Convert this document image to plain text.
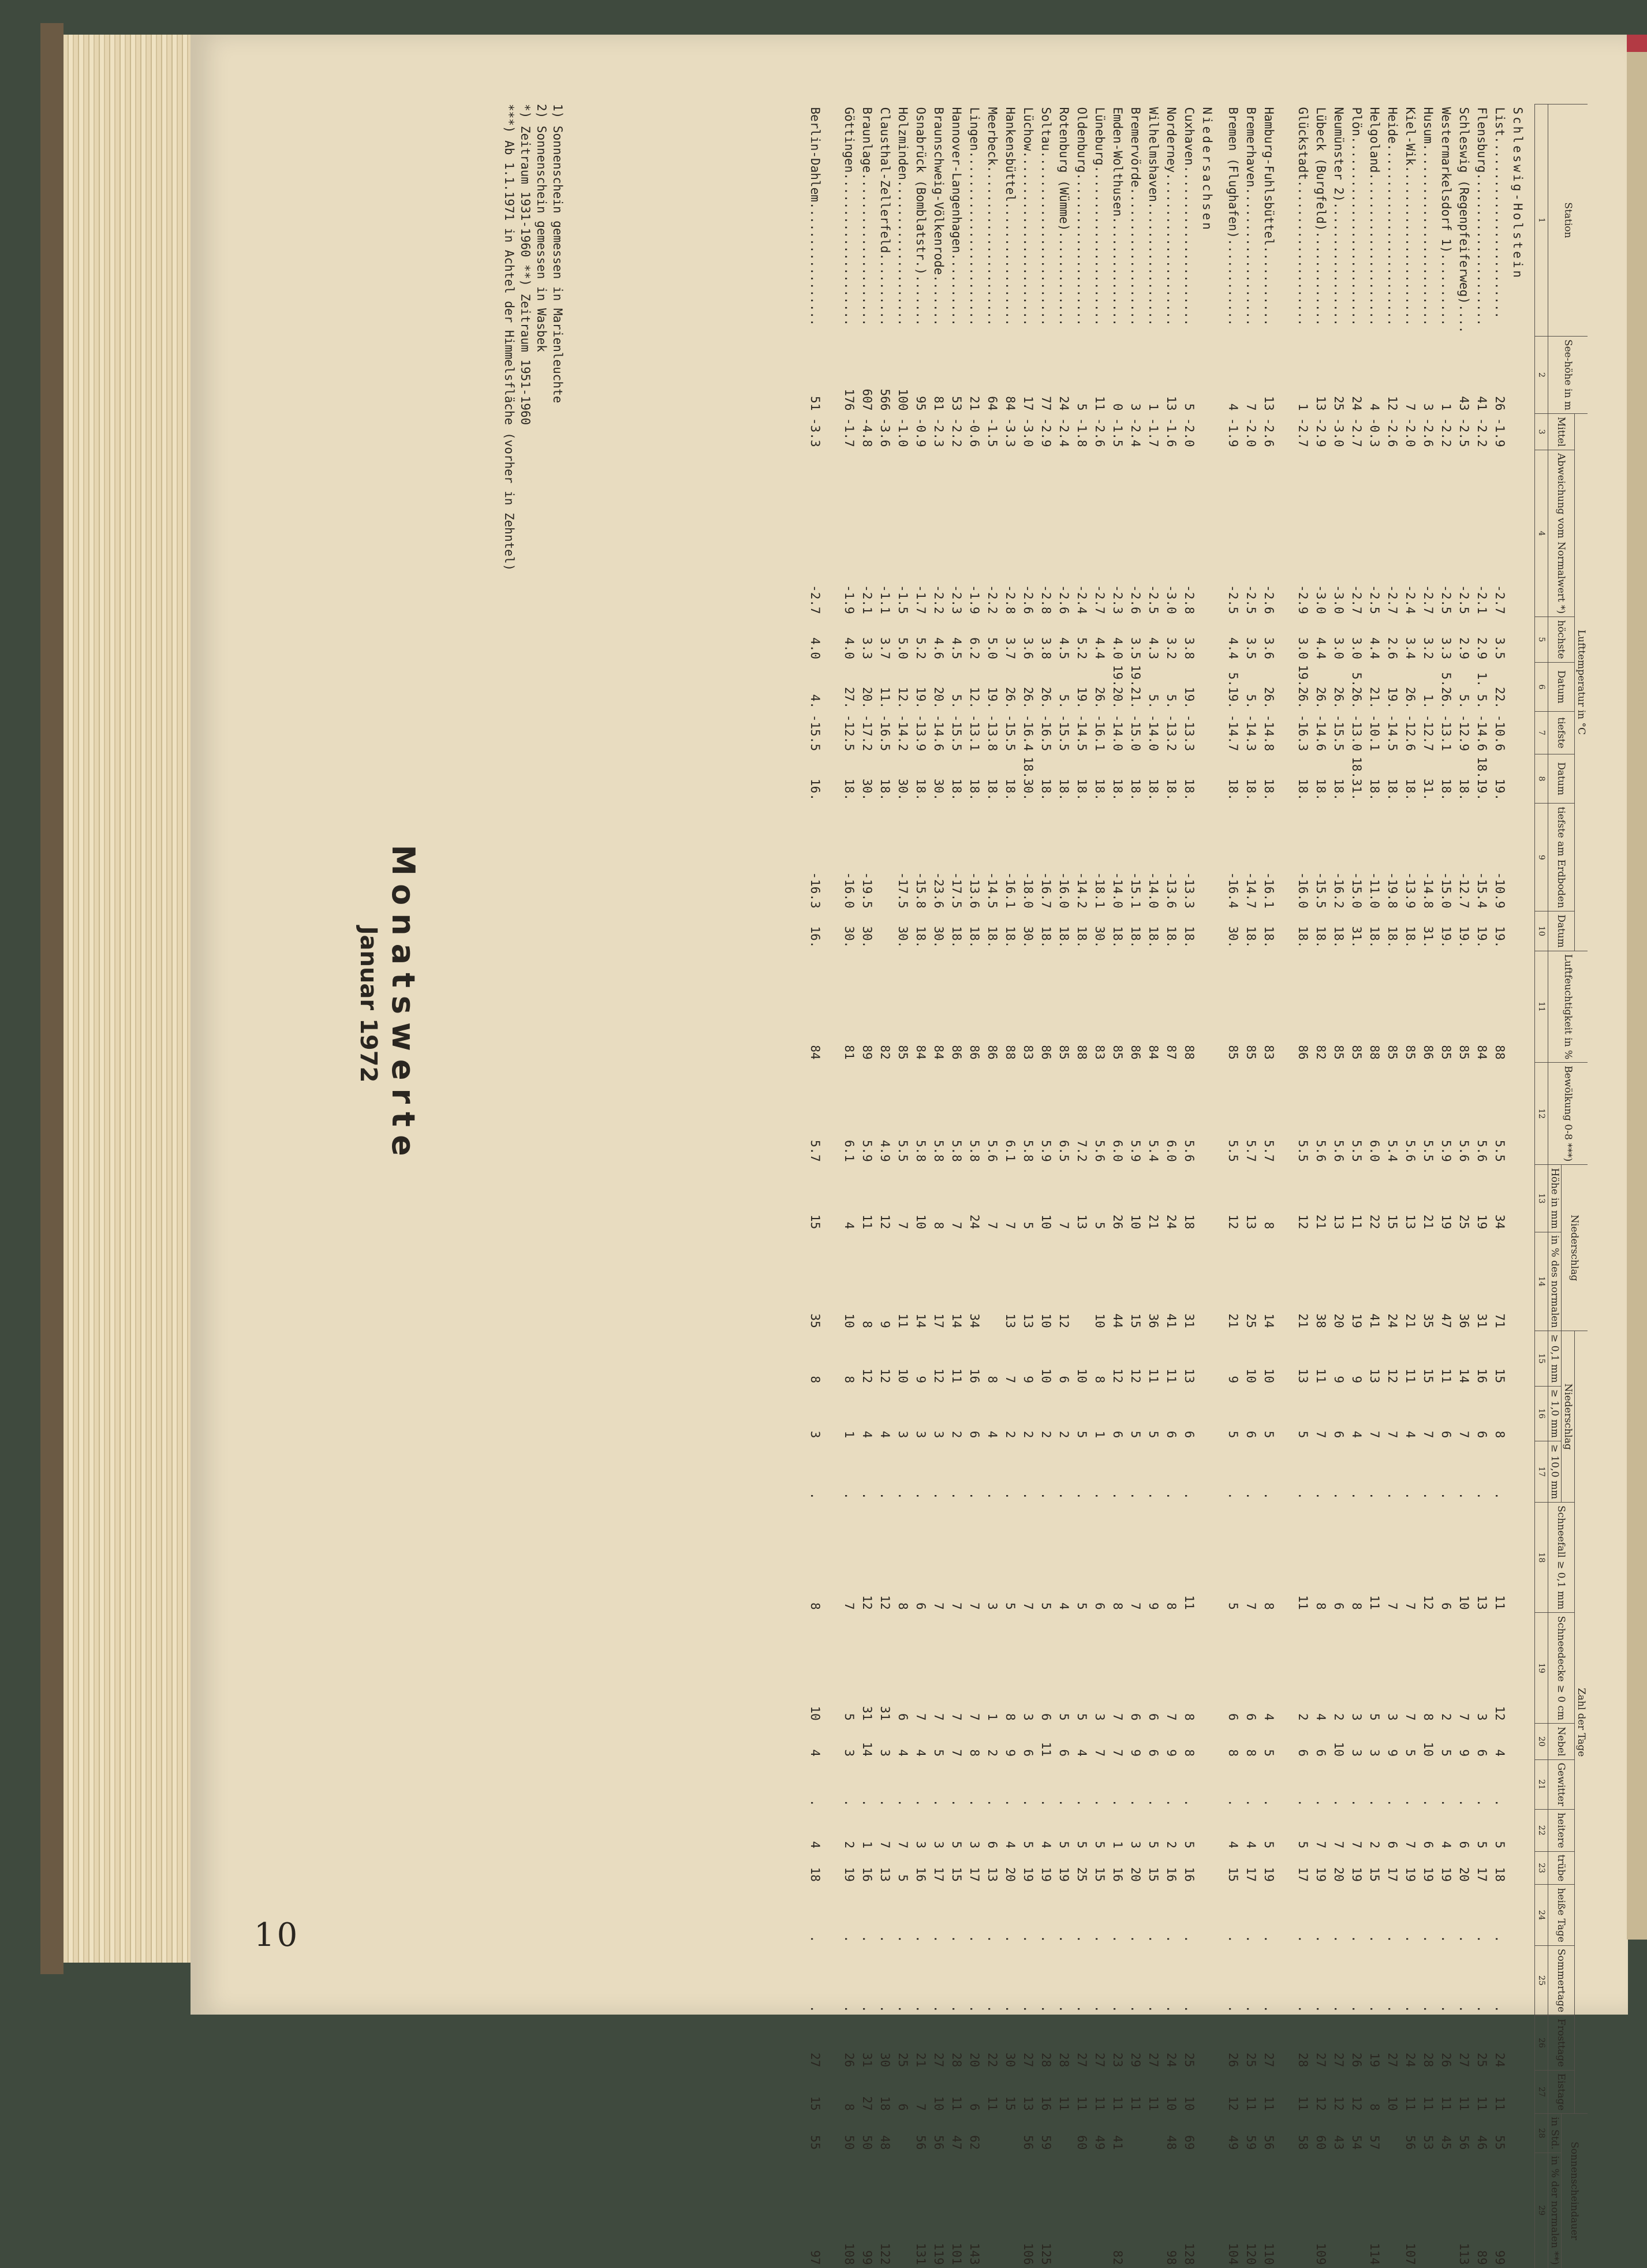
Monatswerte
Januar 1972
Station	See-höhe in m	Lufttemperatur in °C								Luftfeuchtigkeit in %	Bewölkung 0-8 ***)	Niederschlag		Zahl der Tage													Sonnenscheindauer	
		Mittel	Abweichung vom Normalwert *)	höchste	Datum	tiefste	Datum	tiefste am Erdboden	Datum					Niederschlag			Schneefall ≥ 0,1 mm	Schneedecke ≥ 0 cm	Nebel	Gewitter	heitere	trübe	heiße Tage	Sommertage	Frosttage	Eistage		
												Höhe in mm	in % des normalen	≥ 0,1 mm	≥ 1,0 mm	≥ 10,0 mm											in Std.	in % der normalen **)
1	2	3	4	5	6	7	8	9	10	11	12	13	14	15	16	17	18	19	20	21	22	23	24	25	26	27	28	29
Schleswig-Holstein																												
List.........................	26	-1.9	-2.7	3.5	22.	-10.6	19.	-10.9	19.	88	5.5	34	71	15	8	.	11	12	4	.	5	18	.	.	24	11	55	99
Flensburg.....................	41	-2.2	-2.1	2.9	1. 5.	-14.6	18.19.	-15.4	19.	84	5.6	19	31	16	6	.	13	3	6	.	5	17	.	.	25	11	46	89
Schleswig (Regenpfeiferweg)....	43	-2.5	-2.5	2.9	5.	-12.9	18.	-12.7	19.	85	5.6	25	36	14	7	.	10	7	9	.	6	20	.	.	27	11	56	113
Westermarkelsdorf 1)..........	1	-2.2	-2.5	3.3	5.26.	-13.1	18.	-15.0	19.	85	5.9	19	47	11	6	.	6	2	5	.	4	19	.	.	26	11	45	
Husum.........................	3	-2.6	-2.7	3.2	1.	-12.7	31.	-14.8	31.	86	5.5	21	35	15	7	.	12	8	10	.	6	19	.	.	28	11	53	
Kiel-Wik......................	7	-2.0	-2.4	3.4	26.	-12.6	18.	-13.9	18.	85	5.6	13	21	11	4	.	7	7	5	.	7	19	.	.	24	11	56	107
Heide.........................	12	-2.6	-2.7	2.6	19.	-14.5	18.	-19.8	18.	85	5.4	15	24	12	7	.	7	3	9	.	6	17	.	.	27	10		
Helgoland.....................	4	-0.3	-2.5	4.4	21.	-10.1	18.	-11.0	18.	88	6.0	22	41	13	7	.	11	5	3	.	2	15	.	.	19	8	57	114
Plön..........................	24	-2.7	-2.7	3.0	5.26.	-13.0	18.31.	-15.0	31.	85	5.5	11	19	9	4	.	8	3	3	.	7	19	.	.	26	12	54	
Neumünster 2).................	25	-3.0	-3.0	3.0	26.	-15.5	18.	-16.2	18.	85	5.6	13	20	9	6	.	6	2	10	.	7	20	.	.	27	12	43	
Lübeck (Burgfeld).............	13	-2.9	-3.0	4.4	26.	-14.6	18.	-15.5	18.	82	5.6	21	38	11	7	.	8	4	6	.	7	19	.	.	27	12	60	109
Glückstadt....................	1	-2.7	-2.9	3.0	19.26.	-16.3	18.	-16.0	18.	86	5.5	12	21	13	5	.	11	2	6	.	5	17	.	.	28	11	58	

Hamburg-Fuhlsbüttel...........	13	-2.6	-2.6	3.6	26.	-14.8	18.	-16.1	18.	83	5.7	8	14	10	5	.	8	4	5	.	5	19	.	.	27	11	56	110
Bremerhaven...................	7	-2.0	-2.5	3.5	5.	-14.3	18.	-14.7	18.	85	5.7	13	25	10	6	.	7	6	8	.	4	17	.	.	25	11	59	120
Bremen (Flughafen)............	4	-1.9	-2.5	4.4	5.19.	-14.7	18.	-16.4	30.	85	5.5	12	21	9	5	.	5	6	8	.	4	15	.	.	26	12	49	104
Niedersachsen																												
Cuxhaven......................	5	-2.0	-2.8	3.8	19.	-13.3	18.	-13.3	18.	88	5.6	18	31	13	6	.	11	8	8	.	5	16	.	.	25	10	69	128
Norderney.....................	13	-1.6	-3.0	3.2	5.	-13.2	18.	-13.6	18.	87	6.0	24	41	11	6	.	8	7	9	.	2	16	.	.	24	10	48	98
Wilhelmshaven.................	1	-1.7	-2.5	4.3	5.	-14.0	18.	-14.0	18.	84	5.4	21	36	11	5	.	9	6	6	.	5	15	.	.	27	11		
Bremervörde...................	3	-2.4	-2.6	3.5	19.21.	-15.0	18.	-15.1	18.	86	5.9	10	15	12	5	.	7	6	9	.	3	20	.	.	29	11		
Emden-Wolthusen...............	0	-1.5	-2.3	4.0	19.20.	-14.0	18.	-14.0	18.	85	6.0	26	44	12	6	.	8	7	7	.	1	16	.	.	23	11	41	82
Lüneburg......................	11	-2.6	-2.7	4.4	26.	-16.1	18.	-18.1	30.	83	5.6	5	10	8	1	.	6	3	7	.	5	15	.	.	27	11	49	
Oldenburg.....................	5	-1.8	-2.4	5.2	19.	-14.5	18.	-14.2	18.	88	7.2	13		10	5	.	5	5	4	.	5	25	.	.	27	11	60	
Rotenburg (Wümme).............	24	-2.4	-2.6	4.5	5.	-15.5	18.	-16.0	18.	85	6.5	7	12	6	2	.	4	5	6	.	5	19	.	.	28	11		
Soltau........................	77	-2.9	-2.8	3.8	26.	-16.5	18.	-16.7	18.	86	5.9	10	10	10	2	.	5	6	11	.	4	19	.	.	28	16	59	125
Lüchow........................	17	-3.0	-2.6	3.6	26.	-16.4	18.30.	-18.0	30.	83	5.8	5	13	9	2	.	7	3	6	.	5	19	.	.	27	13	56	106
Hankensbüttel.................	84	-3.3	-2.8	3.7	26.	-15.5	18.	-16.1	18.	88	6.1	7	13	7	2	.	5	8	9	.	4	20	.	.	30	15		
Meerbeck......................	64	-1.5	-2.2	5.0	19.	-13.8	18.	-14.5	18.	86	5.6	7		8	4	.	3	1	2	.	6	13	.	.	22	11		
Lingen........................	21	-0.6	-1.9	6.2	12.	-13.1	18.	-13.6	18.	86	5.8	24	34	16	6	.	7	7	8	.	3	17	.	.	20	6	62	143
Hannover-Langenhagen..........	53	-2.2	-2.3	4.5	5.	-15.5	18.	-17.5	18.	86	5.8	7	14	11	2	.	7	7	7	.	5	15	.	.	28	11	47	101
Braunschweig-Völkenrode.......	81	-2.3	-2.2	4.6	20.	-14.6	30.	-23.6	30.	84	5.8	8	17	12	3	.	7	7	5	.	3	17	.	.	27	10	56	119
Osnabrück (Bomblatstr.).......	95	-0.9	-1.7	5.2	19.	-13.9	18.	-15.8	18.	84	5.8	10	14	9	3	.	6	7	4	.	3	16	.	.	21	7	56	131
Holzminden....................	100	-1.0	-1.5	5.0	12.	-14.2	30.	-17.5	30.	85	5.5	7	11	10	3	.	8	6	4	.	7	5	.	.	25	6		
Clausthal-Zellerfeld..........	566	-3.6	-1.1	3.7	11.	-16.5	18.			82	4.9	12	9	12	4	.	12	31	3	.	7	13	.	.	30	18	48	122
Braunlage.....................	607	-4.8	-2.1	3.3	20.	-17.2	30.	-19.5	30.	89	5.9	11	8	12	4	.	12	31	14	.	1	16	.	.	31	27	50	99
Göttingen.....................	176	-1.7	-1.9	4.0	27.	-12.5	18.	-16.0	30.	81	6.1	4	10	8	1	.	7	5	3	.	2	19	.	.	26	8	50	108

Berlin-Dahlem.................	51	-3.3	-2.7	4.0	4.	-15.5	16.	-16.3	16.	84	5.7	15	35	8	3	.	8	10	4	.	4	18	.	.	27	15	55	97
1) Sonnenschein gemessen in Marienleuchte
2) Sonnenschein gemessen in Wasbek
*) Zeitraum 1931-1960 **) Zeitraum 1951-1960
***) Ab 1.1.1971 in Achtel der Himmelsfläche (vorher in Zehntel)
10
